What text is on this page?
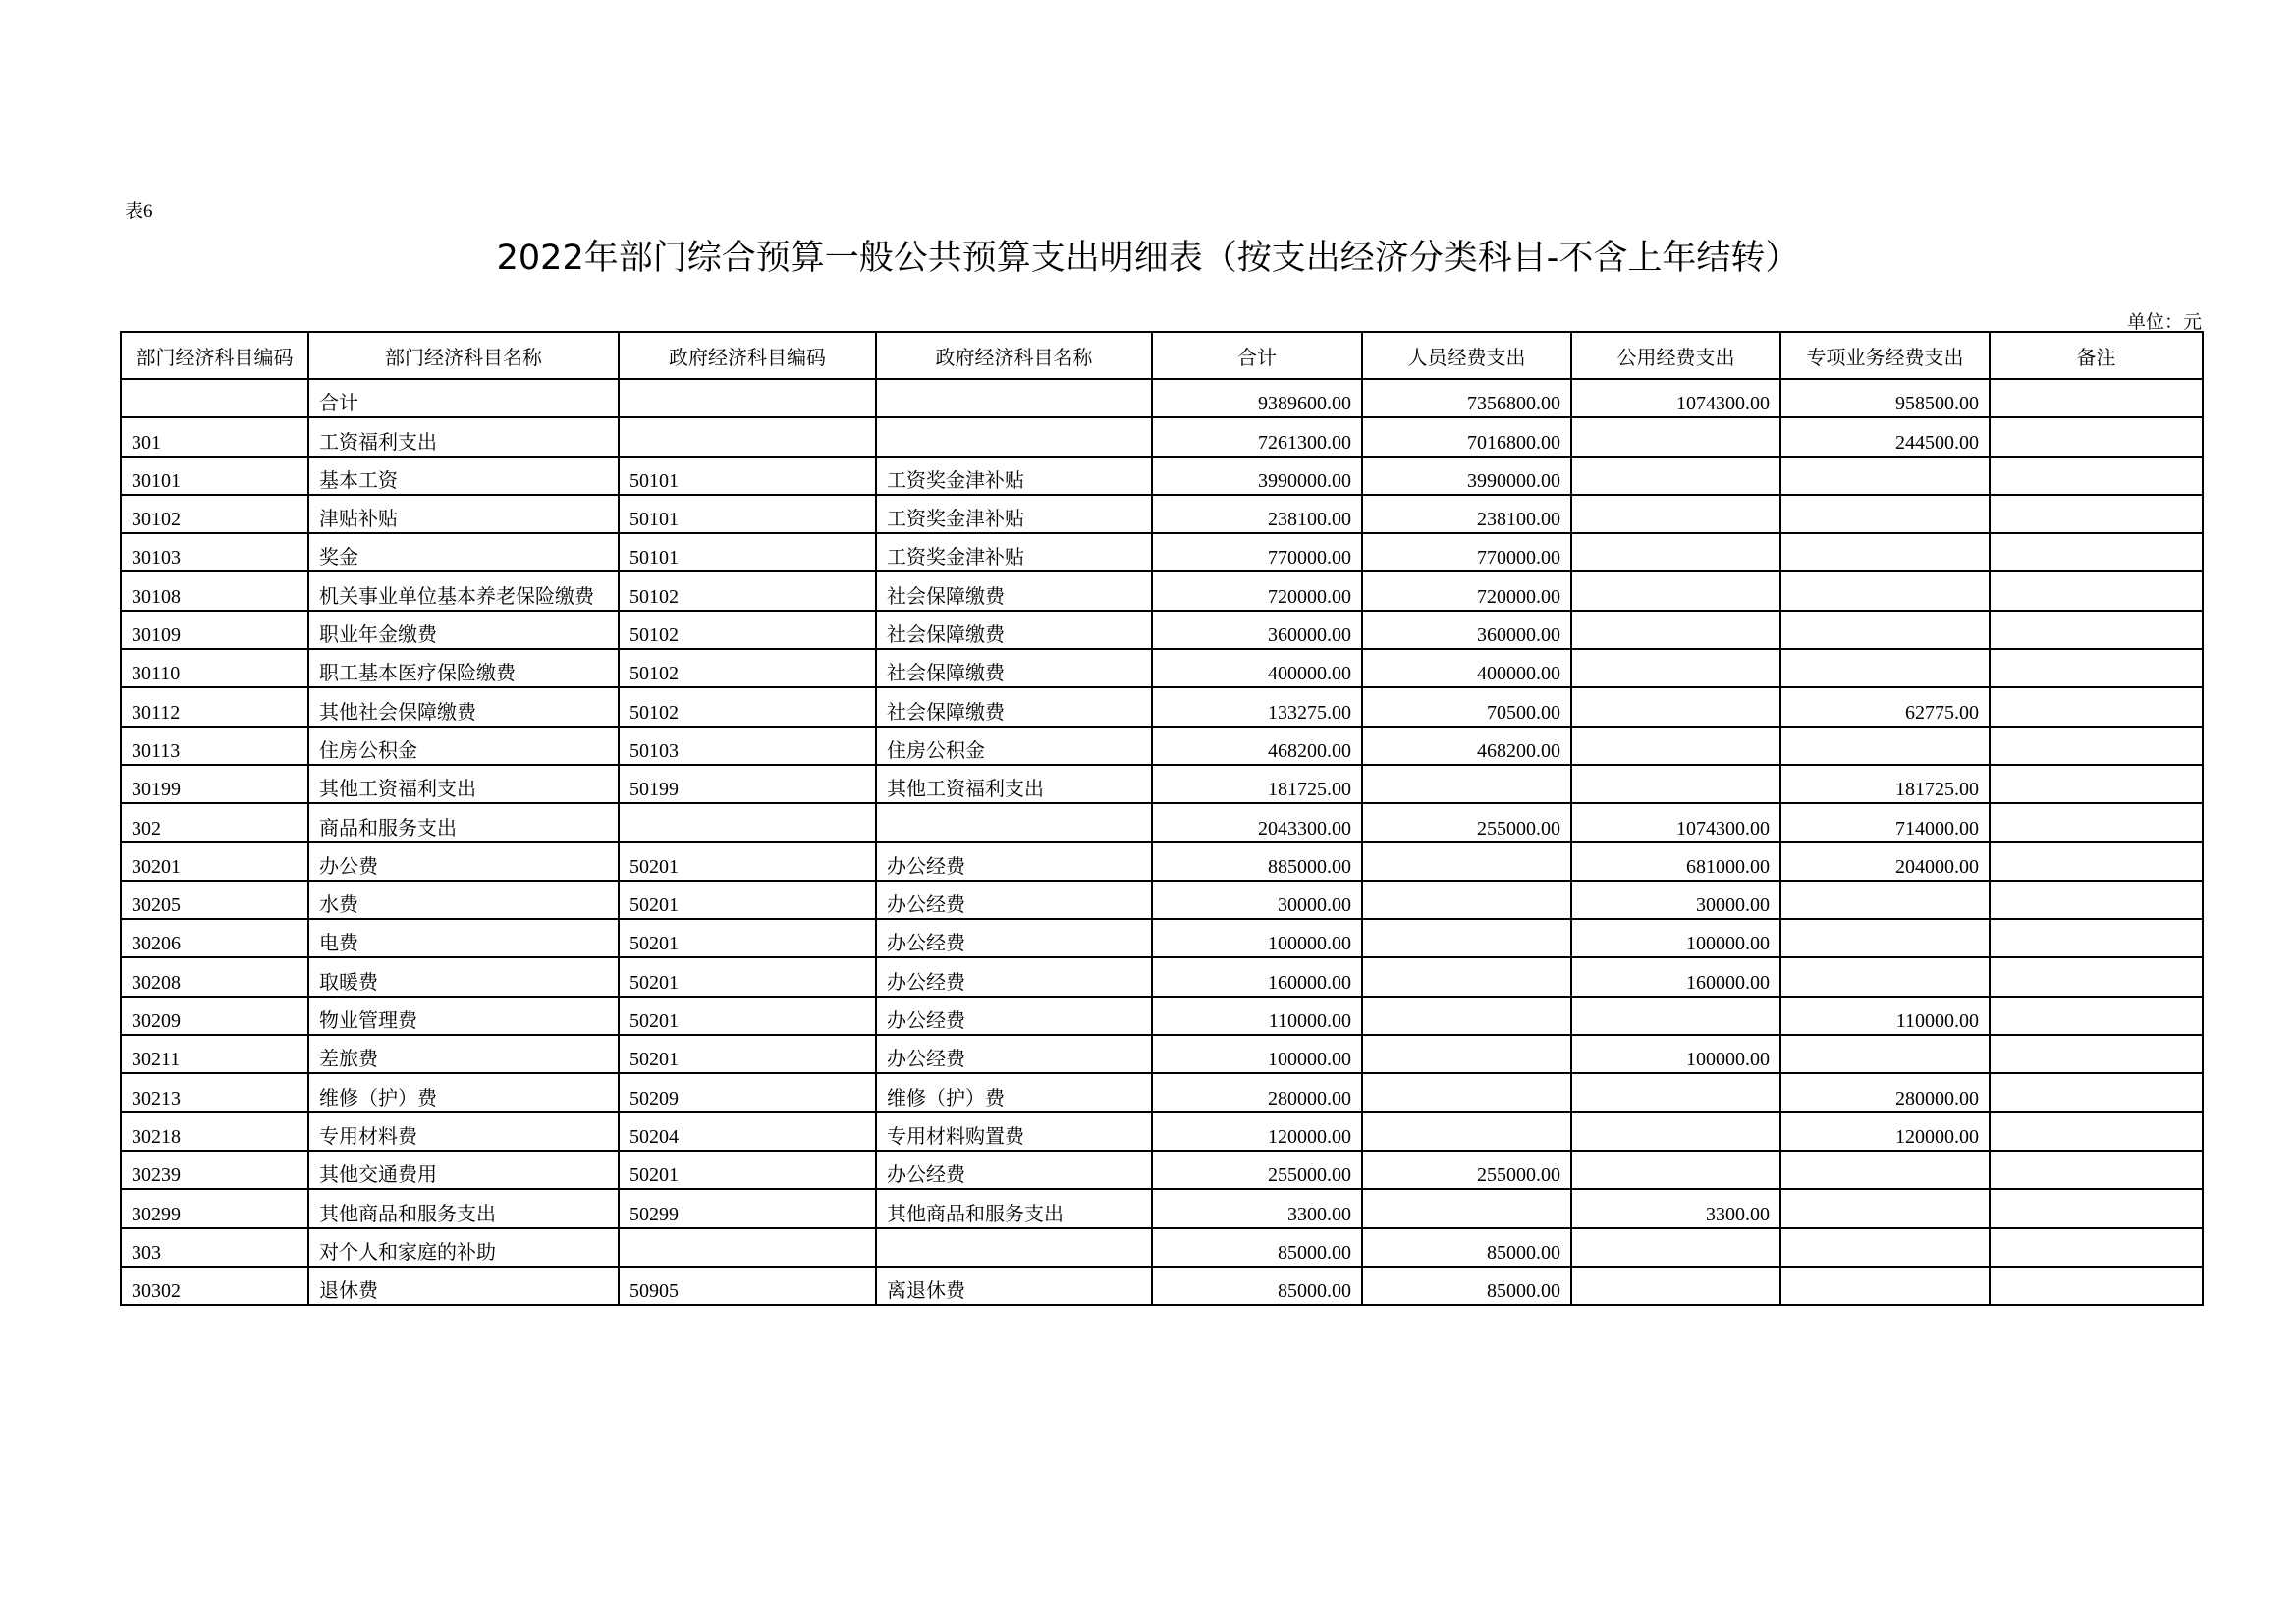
表6
2022年部门综合预算一般公共预算支出明细表（按支出经济分类科目-不含上年结转）
单位：元
部门经济科目编码	部门经济科目名称	政府经济科目编码	政府经济科目名称	合计	人员经费支出	公用经费支出	专项业务经费支出	备注
	合计			9389600.00	7356800.00	1074300.00	958500.00	
301	工资福利支出			7261300.00	7016800.00		244500.00	
30101	基本工资	50101	工资奖金津补贴	3990000.00	3990000.00			
30102	津贴补贴	50101	工资奖金津补贴	238100.00	238100.00			
30103	奖金	50101	工资奖金津补贴	770000.00	770000.00			
30108	机关事业单位基本养老保险缴费	50102	社会保障缴费	720000.00	720000.00			
30109	职业年金缴费	50102	社会保障缴费	360000.00	360000.00			
30110	职工基本医疗保险缴费	50102	社会保障缴费	400000.00	400000.00			
30112	其他社会保障缴费	50102	社会保障缴费	133275.00	70500.00		62775.00	
30113	住房公积金	50103	住房公积金	468200.00	468200.00			
30199	其他工资福利支出	50199	其他工资福利支出	181725.00			181725.00	
302	商品和服务支出			2043300.00	255000.00	1074300.00	714000.00	
30201	办公费	50201	办公经费	885000.00		681000.00	204000.00	
30205	水费	50201	办公经费	30000.00		30000.00		
30206	电费	50201	办公经费	100000.00		100000.00		
30208	取暖费	50201	办公经费	160000.00		160000.00		
30209	物业管理费	50201	办公经费	110000.00			110000.00	
30211	差旅费	50201	办公经费	100000.00		100000.00		
30213	维修（护）费	50209	维修（护）费	280000.00			280000.00	
30218	专用材料费	50204	专用材料购置费	120000.00			120000.00	
30239	其他交通费用	50201	办公经费	255000.00	255000.00			
30299	其他商品和服务支出	50299	其他商品和服务支出	3300.00		3300.00		
303	对个人和家庭的补助			85000.00	85000.00			
30302	退休费	50905	离退休费	85000.00	85000.00			
